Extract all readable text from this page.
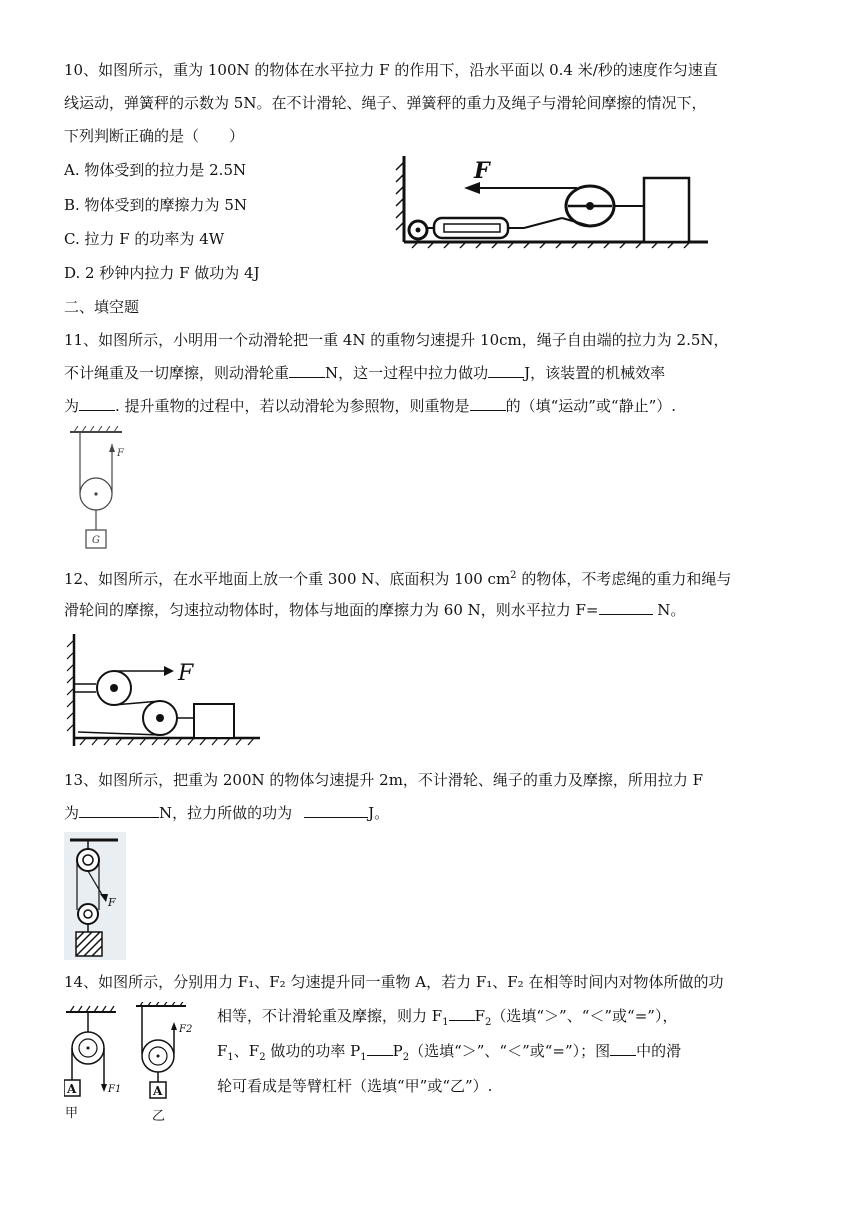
10、如图所示，重为 100N 的物体在水平拉力 F 的作用下，沿水平面以 0.4 米/秒的速度作匀速直
线运动，弹簧秤的示数为 5N。在不计滑轮、绳子、弹簧秤的重力及绳子与滑轮间摩擦的情况下，
下列判断正确的是（　　）
A. 物体受到的拉力是 2.5N
B. 物体受到的摩擦力为 5N
C. 拉力 F 的功率为 4W
D. 2 秒钟内拉力 F 做功为 4J
F
二、填空题
11、如图所示，小明用一个动滑轮把一重 4N 的重物匀速提升 10cm，绳子自由端的拉力为 2.5N，
不计绳重及一切摩擦，则动滑轮重 N，这一过程中拉力做功 J，该装置的机械效率
为 . 提升重物的过程中，若以动滑轮为参照物，则重物是 的（填“运动”或“静止”）.
F
G
12、如图所示，在水平地面上放一个重 300 N、底面积为 100 $cm^2$ 的物体，不考虑绳的重力和绳与
滑轮间的摩擦，匀速拉动物体时，物体与地面的摩擦力为 60 N，则水平拉力 F=	N。
F
13、如图所示，把重为 200N 的物体匀速提升 2m，不计滑轮、绳子的重力及摩擦，所用拉力 F
为	N，拉力所做的功为	J。
F
14、如图所示，分别用力 F₁、F₂ 匀速提升同一重物 A，若力 F₁、F₂ 在相等时间内对物体所做的功
相等，不计滑轮重及摩擦，则力 $F_1$ $F_2$（选填“＞”、“＜”或“=”），
$F_1$、$F_2$ 做功的功率 $P_1$ $P_2$（选填“＞”、“＜”或“=”）；图 中的滑
轮可看成是等臂杠杆（选填“甲”或“乙”）.
F1
A
甲
F2
A
乙
